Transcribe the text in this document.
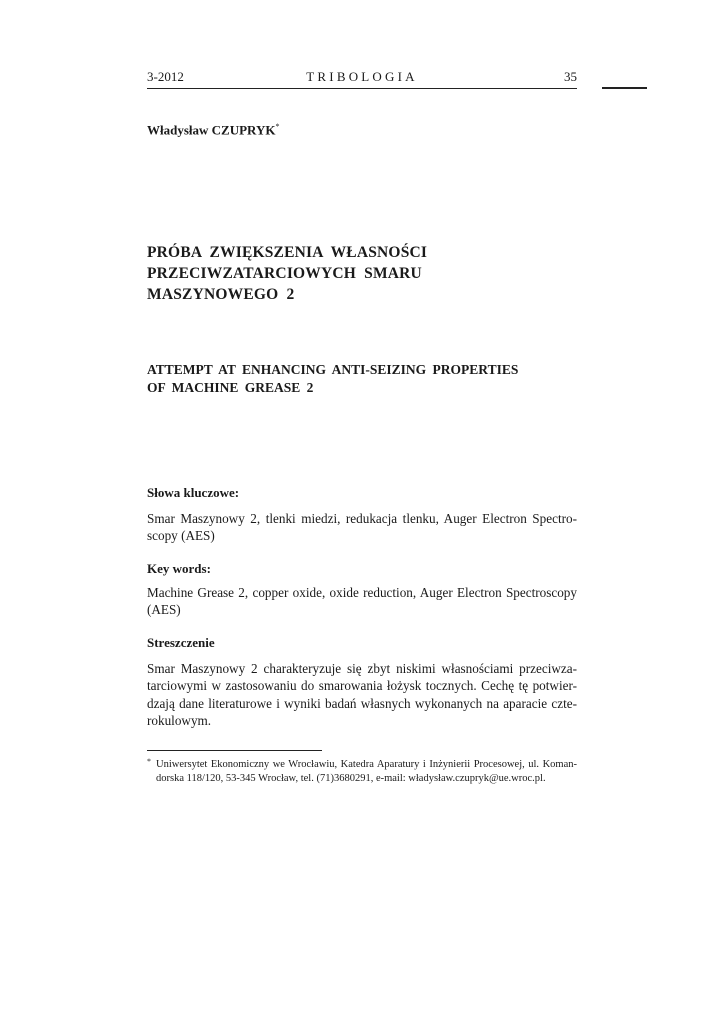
3-2012	TRIBOLOGIA	35
Władysław CZUPRYK*
PRÓBA ZWIĘKSZENIA WŁASNOŚCI
PRZECIWZATARCIOWYCH SMARU
MASZYNOWEGO 2
ATTEMPT AT ENHANCING ANTI-SEIZING PROPERTIES
OF MACHINE GREASE 2
Słowa kluczowe:
Smar Maszynowy 2, tlenki miedzi, redukacja tlenku, Auger Electron Spectro-
scopy (AES)
Key words:
Machine Grease 2, copper oxide, oxide reduction, Auger Electron Spectroscopy
(AES)
Streszczenie
Smar Maszynowy 2 charakteryzuje się zbyt niskimi własnościami przeciwza-
tarciowymi w zastosowaniu do smarowania łożysk tocznych. Cechę tę potwier-
dzają dane literaturowe i wyniki badań własnych wykonanych na aparacie czte-
rokulowym.
* Uniwersytet Ekonomiczny we Wrocławiu, Katedra Aparatury i Inżynierii Procesowej, ul. Koman-
dorska 118/120, 53-345 Wrocław, tel. (71)3680291, e-mail: władysław.czupryk@ue.wroc.pl.
